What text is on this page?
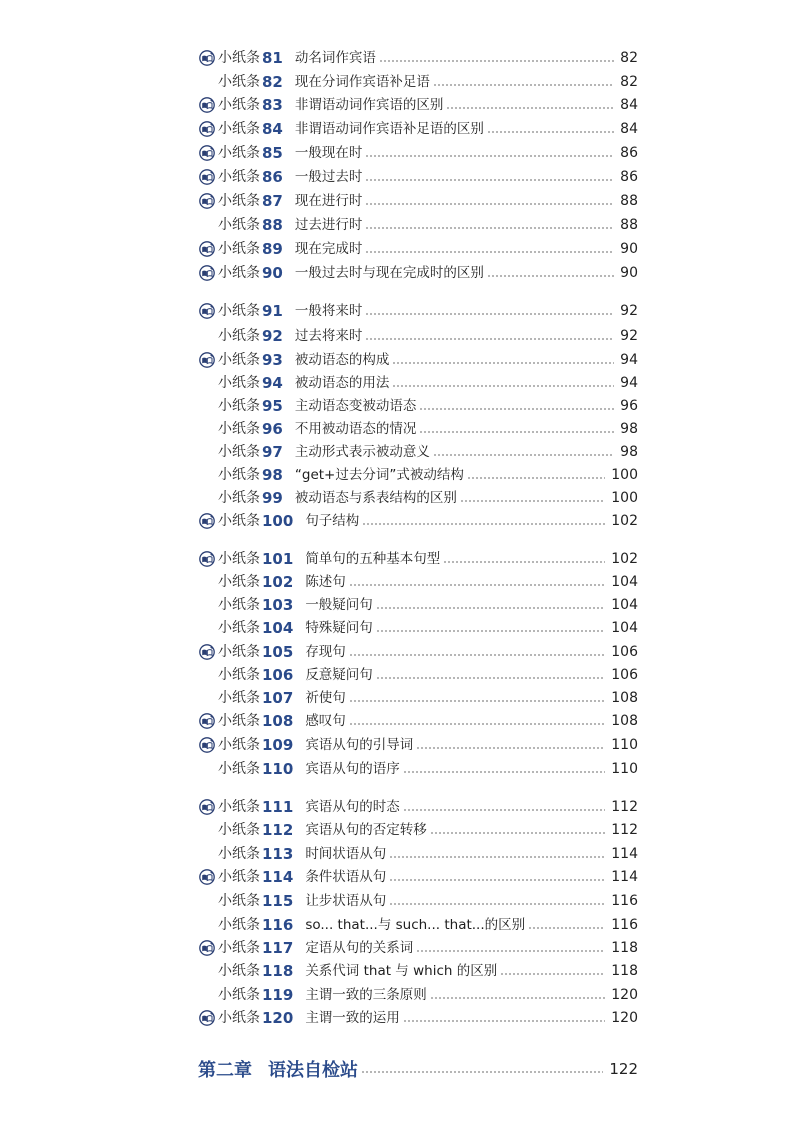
小纸条 81 动名词作宾语	82
小纸条 82 现在分词作宾语补足语	82
小纸条 83 非谓语动词作宾语的区别	84
小纸条 84 非谓语动词作宾语补足语的区别	84
小纸条 85 一般现在时	86
小纸条 86 一般过去时	86
小纸条 87 现在进行时	88
小纸条 88 过去进行时	88
小纸条 89 现在完成时	90
小纸条 90 一般过去时与现在完成时的区别	90
小纸条 91 一般将来时	92
小纸条 92 过去将来时	92
小纸条 93 被动语态的构成	94
小纸条 94 被动语态的用法	94
小纸条 95 主动语态变被动语态	96
小纸条 96 不用被动语态的情况	98
小纸条 97 主动形式表示被动意义	98
小纸条 98 “get+过去分词”式被动结构	100
小纸条 99 被动语态与系表结构的区别	100
小纸条 100 句子结构	102
小纸条 101 简单句的五种基本句型	102
小纸条 102 陈述句	104
小纸条 103 一般疑问句	104
小纸条 104 特殊疑问句	104
小纸条 105 存现句	106
小纸条 106 反意疑问句	106
小纸条 107 祈使句	108
小纸条 108 感叹句	108
小纸条 109 宾语从句的引导词	110
小纸条 110 宾语从句的语序	110
小纸条 111 宾语从句的时态	112
小纸条 112 宾语从句的否定转移	112
小纸条 113 时间状语从句	114
小纸条 114 条件状语从句	114
小纸条 115 让步状语从句	116
小纸条 116 so... that...与 such... that...的区别	116
小纸条 117 定语从句的关系词	118
小纸条 118 关系代词 that 与 which 的区别	118
小纸条 119 主谓一致的三条原则	120
小纸条 120 主谓一致的运用	120
第二章 语法自检站	122
